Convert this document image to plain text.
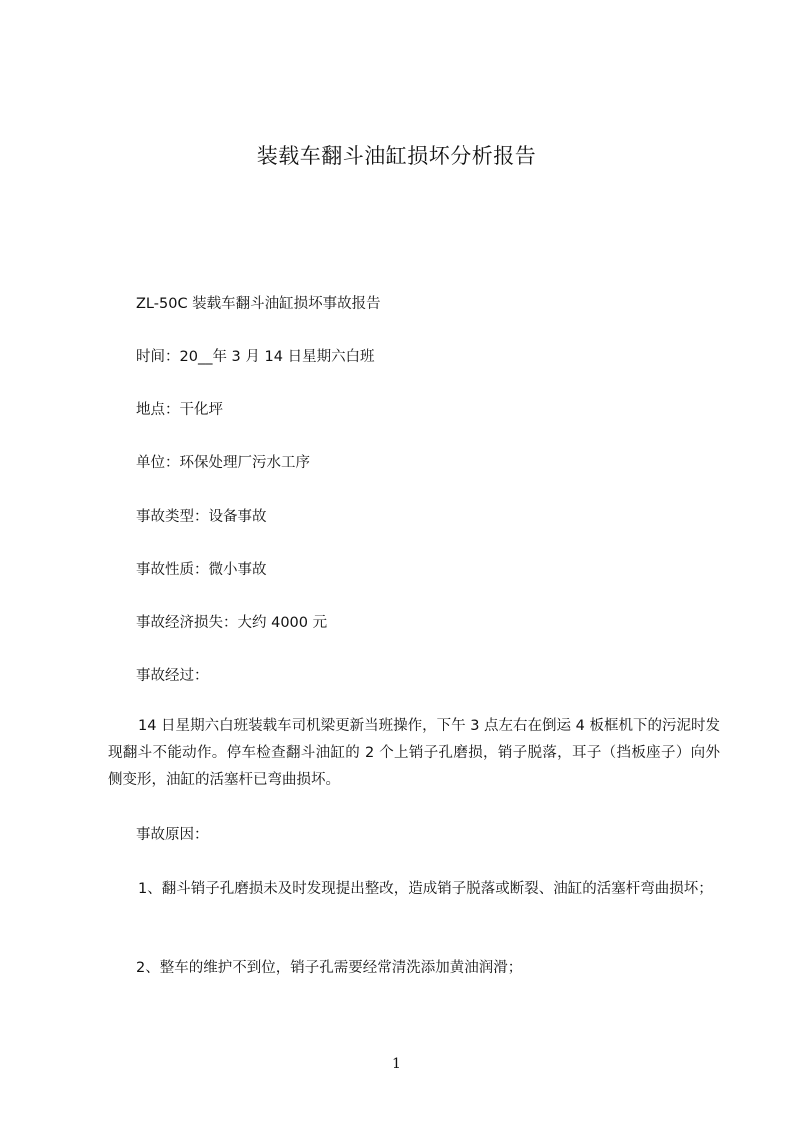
装载车翻斗油缸损坏分析报告

ZL-50C 装载车翻斗油缸损坏事故报告

时间：20__年 3 月 14 日星期六白班

地点：干化坪

单位：环保处理厂污水工序

事故类型：设备事故

事故性质：微小事故

事故经济损失：大约 4000 元

事故经过：

14 日星期六白班装载车司机梁更新当班操作，下午 3 点左右在倒运 4 板框机下的污泥时发现翻斗不能动作。停车检查翻斗油缸的 2 个上销子孔磨损，销子脱落，耳子（挡板座子）向外侧变形，油缸的活塞杆已弯曲损坏。

事故原因：

1、翻斗销子孔磨损未及时发现提出整改，造成销子脱落或断裂、油缸的活塞杆弯曲损坏；

2、整车的维护不到位，销子孔需要经常清洗添加黄油润滑；

1
